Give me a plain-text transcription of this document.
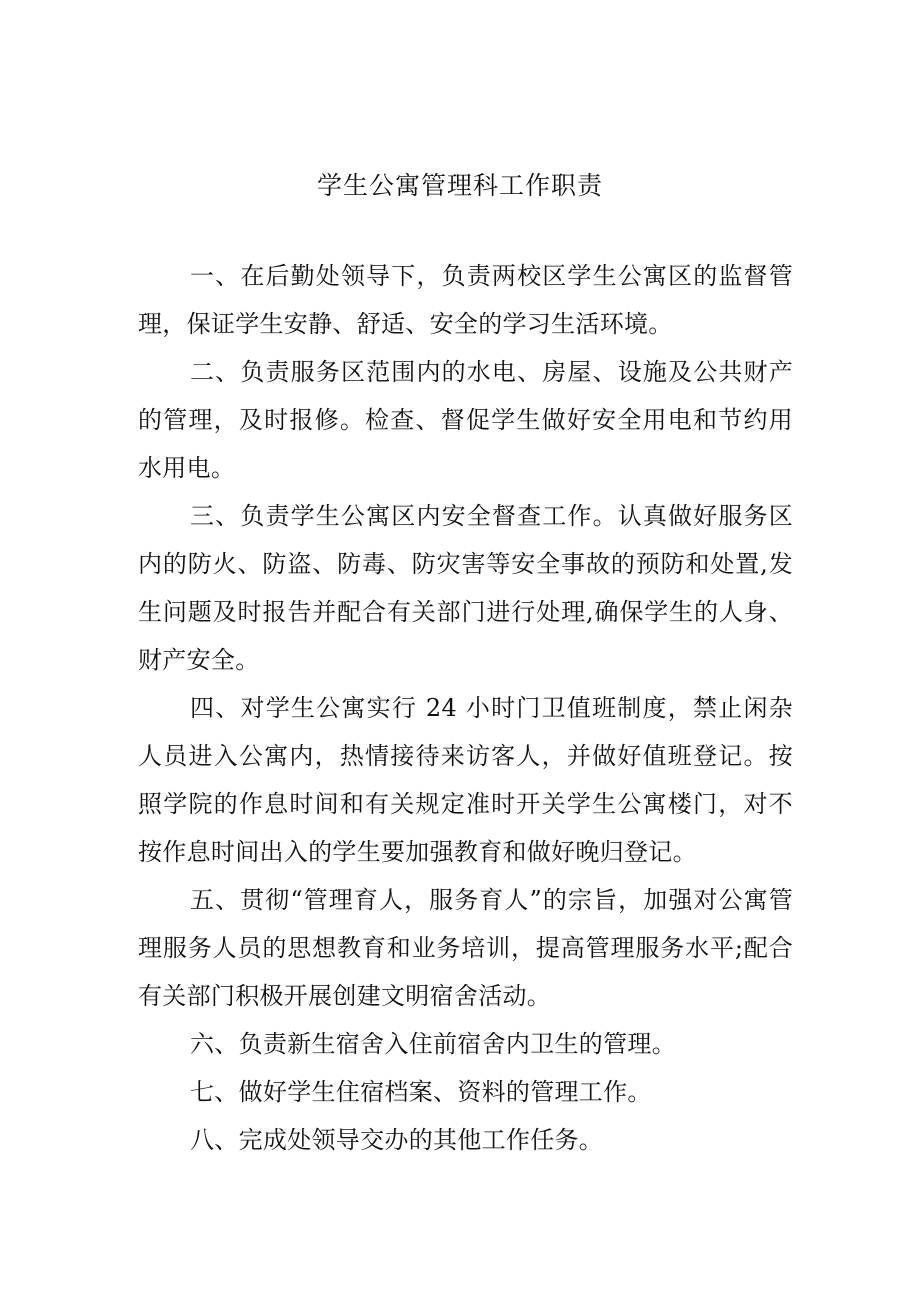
学生公寓管理科工作职责

一、在后勤处领导下，负责两校区学生公寓区的监督管理，保证学生安静、舒适、安全的学习生活环境。

二、负责服务区范围内的水电、房屋、设施及公共财产的管理，及时报修。检查、督促学生做好安全用电和节约用水用电。

三、负责学生公寓区内安全督查工作。认真做好服务区内的防火、防盗、防毒、防灾害等安全事故的预防和处置,发生问题及时报告并配合有关部门进行处理,确保学生的人身、财产安全。

四、对学生公寓实行 24 小时门卫值班制度，禁止闲杂人员进入公寓内，热情接待来访客人，并做好值班登记。按照学院的作息时间和有关规定准时开关学生公寓楼门，对不按作息时间出入的学生要加强教育和做好晚归登记。

五、贯彻“管理育人，服务育人”的宗旨，加强对公寓管理服务人员的思想教育和业务培训，提高管理服务水平;配合有关部门积极开展创建文明宿舍活动。

六、负责新生宿舍入住前宿舍内卫生的管理。

七、做好学生住宿档案、资料的管理工作。

八、完成处领导交办的其他工作任务。
